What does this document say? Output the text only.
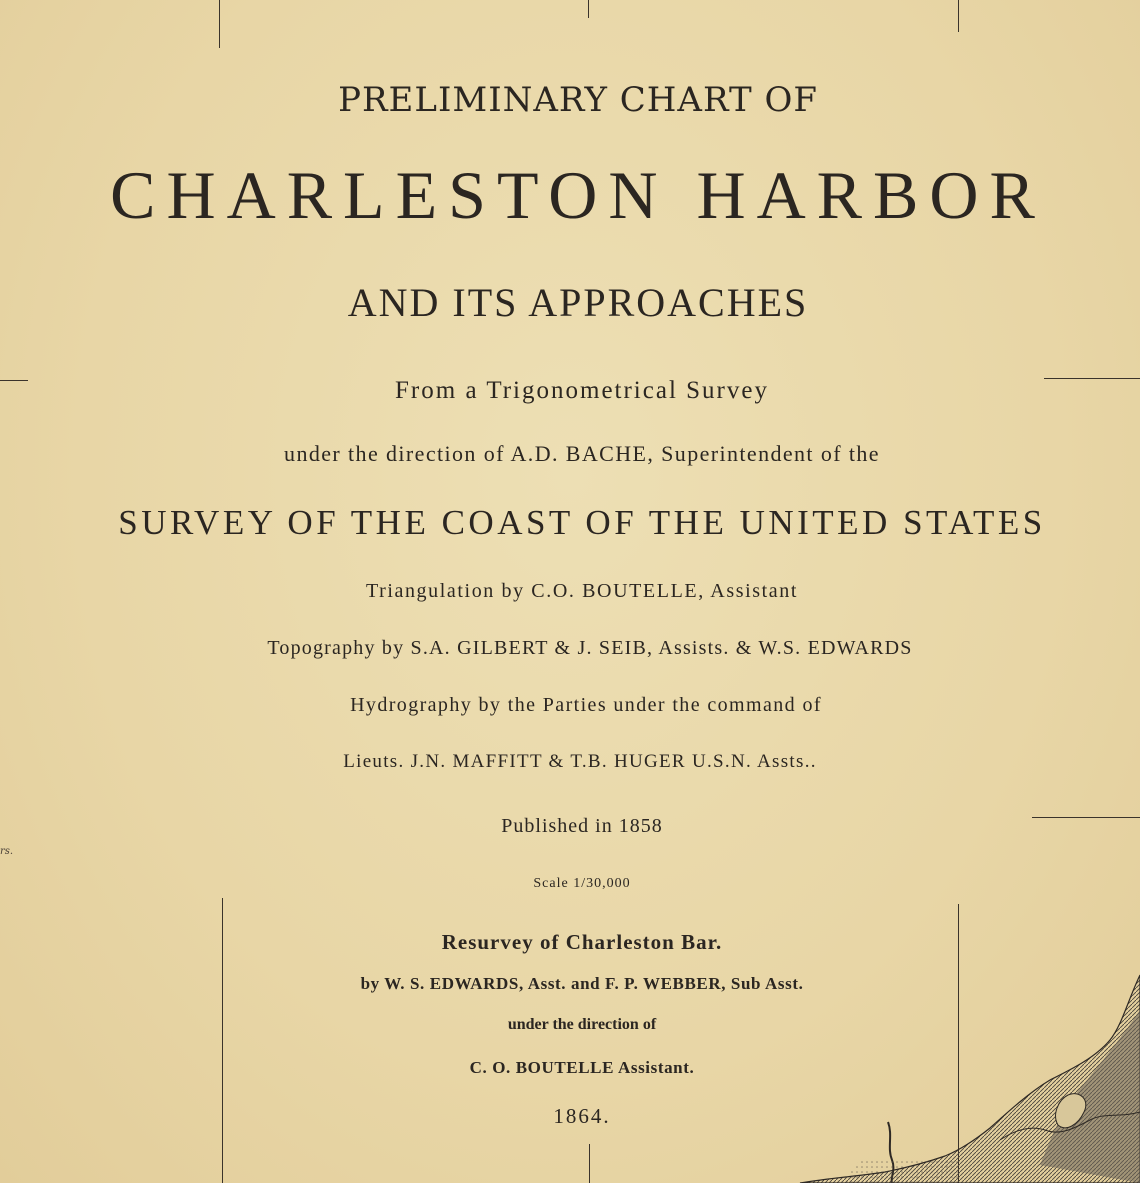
rs.

PRELIMINARY CHART OF

CHARLESTON HARBOR

AND ITS APPROACHES

From a Trigonometrical Survey

under the direction of A.D. BACHE, Superintendent of the

SURVEY OF THE COAST OF THE UNITED STATES

Triangulation by C.O. BOUTELLE, Assistant

Topography by S.A. GILBERT & J. SEIB, Assists. & W.S. EDWARDS

Hydrography by the Parties under the command of

Lieuts. J.N. MAFFITT & T.B. HUGER U.S.N. Assts..

Published in 1858

Scale 1/30,000

Resurvey of Charleston Bar.

by W. S. EDWARDS, Asst. and F. P. WEBBER, Sub Asst.

under the direction of

C. O. BOUTELLE Assistant.

1864.
